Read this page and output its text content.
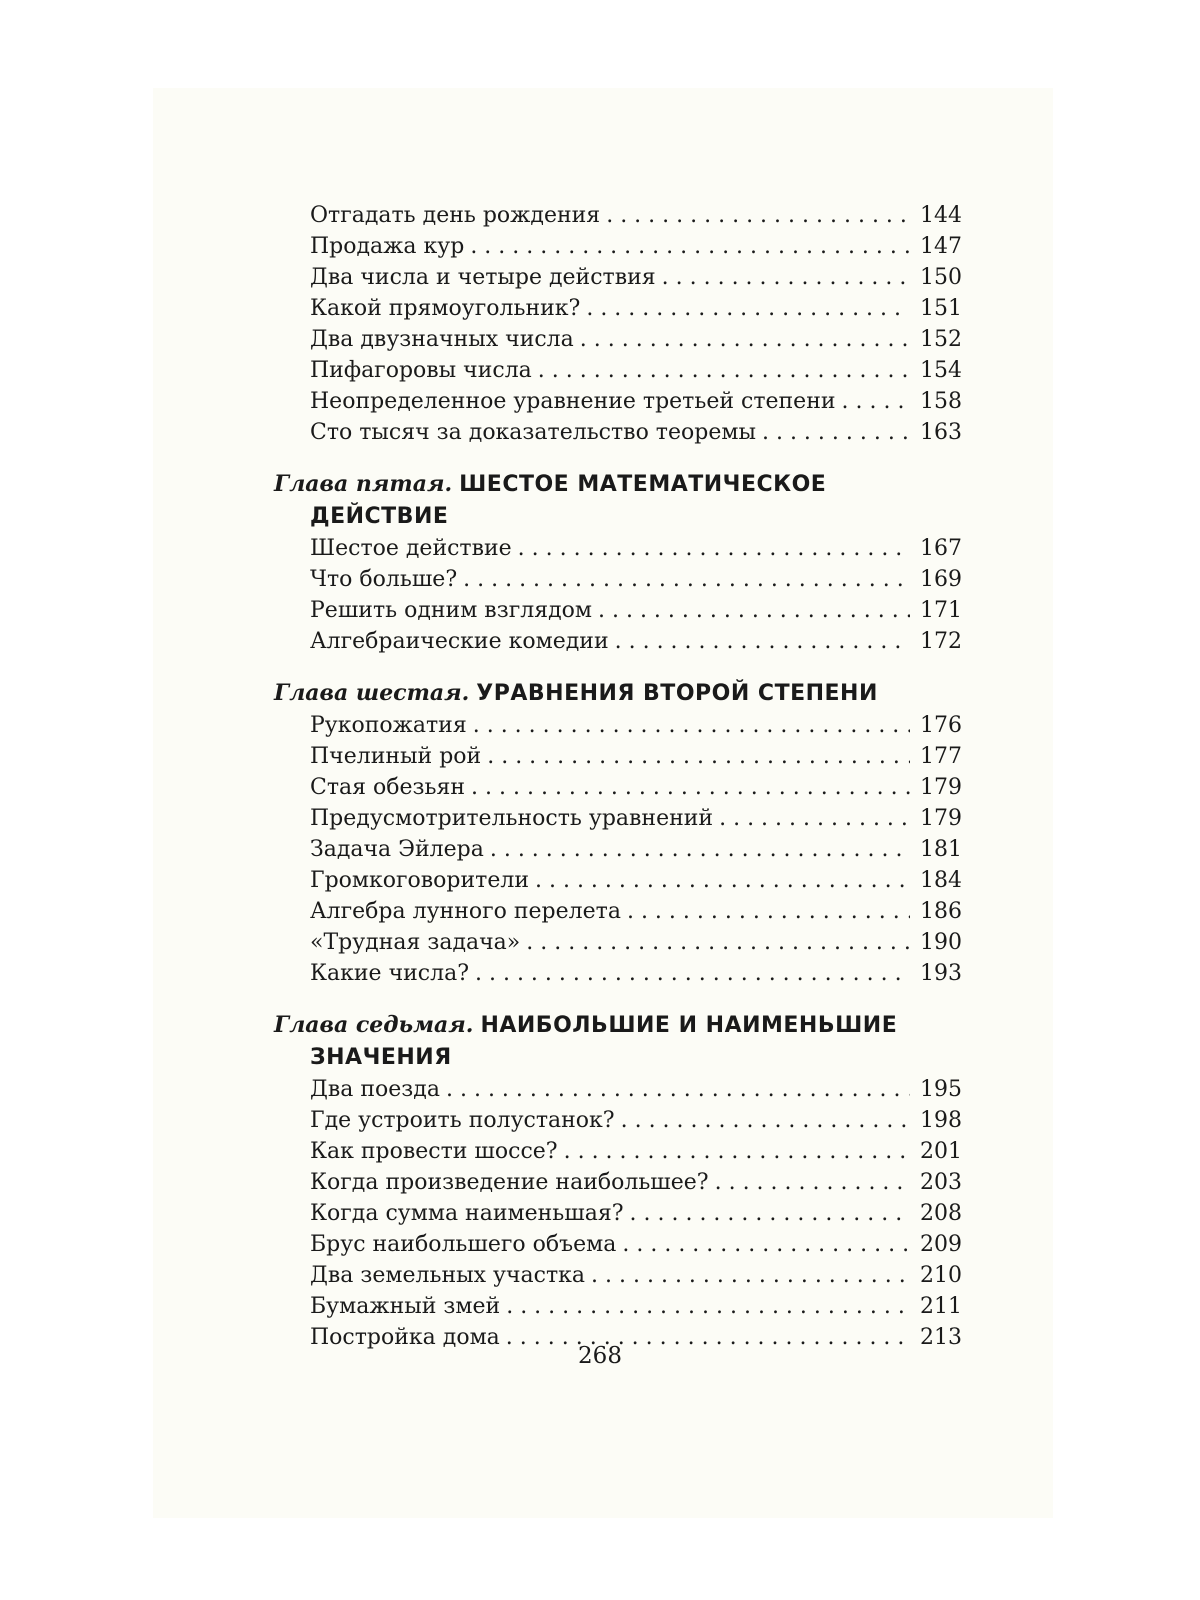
Отгадать день рождения . . .	144
Продажа кур . . .	147
Два числа и четыре действия . . .	150
Какой прямоугольник? . . .	151
Два двузначных числа . . .	152
Пифагоровы числа . . .	154
Неопределенное уравнение третьей степени . . .	158
Сто тысяч за доказательство теоремы . . .	163
Глава пятая. ШЕСТОЕ МАТЕМАТИЧЕСКОЕ
ДЕЙСТВИЕ
Шестое действие . . .	167
Что больше? . . .	169
Решить одним взглядом . . .	171
Алгебраические комедии . . .	172
Глава шестая. УРАВНЕНИЯ ВТОРОЙ СТЕПЕНИ
Рукопожатия . . .	176
Пчелиный рой . . .	177
Стая обезьян . . .	179
Предусмотрительность уравнений . . .	179
Задача Эйлера . . .	181
Громкоговорители . . .	184
Алгебра лунного перелета . . .	186
«Трудная задача» . . .	190
Какие числа? . . .	193
Глава седьмая. НАИБОЛЬШИЕ И НАИМЕНЬШИЕ
ЗНАЧЕНИЯ
Два поезда . . .	195
Где устроить полустанок? . . .	198
Как провести шоссе? . . .	201
Когда произведение наибольшее? . . .	203
Когда сумма наименьшая? . . .	208
Брус наибольшего объема . . .	209
Два земельных участка . . .	210
Бумажный змей . . .	211
Постройка дома . . .	213
268
